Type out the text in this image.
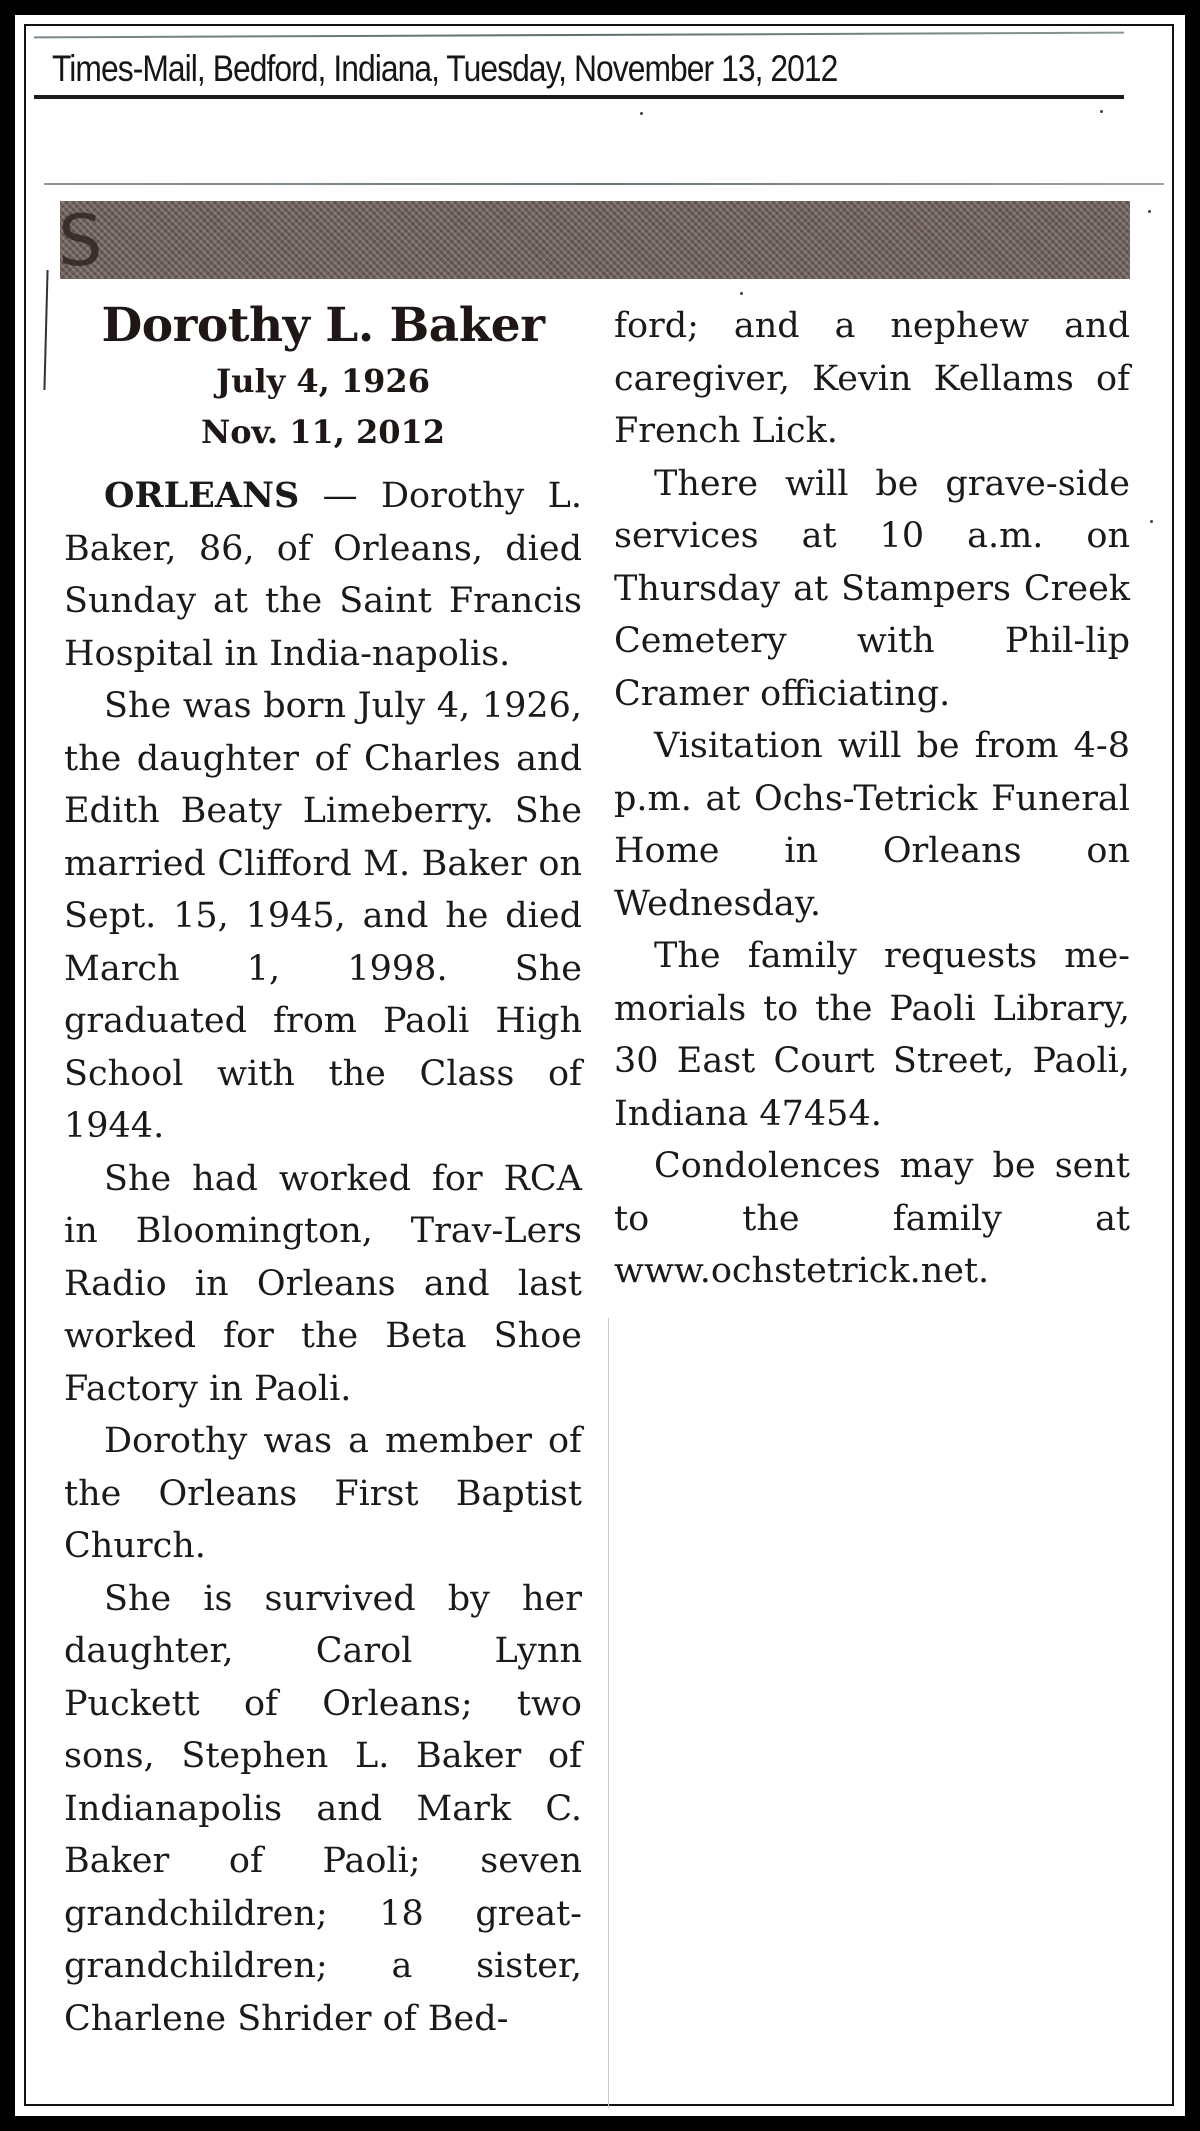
Times-Mail, Bedford, Indiana, Tuesday, November 13, 2012
S
Dorothy L. Baker
July 4, 1926
Nov. 11, 2012

ORLEANS — Dorothy L. Baker, 86, of Orleans, died Sunday at the Saint Francis Hospital in India-napolis.

She was born July 4, 1926, the daughter of Charles and Edith Beaty Limeberry. She married Clifford M. Baker on Sept. 15, 1945, and he died March 1, 1998. She graduated from Paoli High School with the Class of 1944.

She had worked for RCA in Bloomington, Trav-Lers Radio in Orleans and last worked for the Beta Shoe Factory in Paoli.

Dorothy was a member of the Orleans First Baptist Church.

She is survived by her daughter, Carol Lynn Puckett of Orleans; two sons, Stephen L. Baker of Indianapolis and Mark C. Baker of Paoli; seven grandchildren; 18 great-grandchildren; a sister, Charlene Shrider of Bed-

ford; and a nephew and caregiver, Kevin Kellams of French Lick.

There will be grave-side services at 10 a.m. on Thursday at Stampers Creek Cemetery with Phil-lip Cramer officiating.

Visitation will be from 4-8 p.m. at Ochs-Tetrick Funeral Home in Orleans on Wednesday.

The family requests me-morials to the Paoli Library, 30 East Court Street, Paoli, Indiana 47454.

Condolences may be sent to the family at www.ochstetrick.net.
